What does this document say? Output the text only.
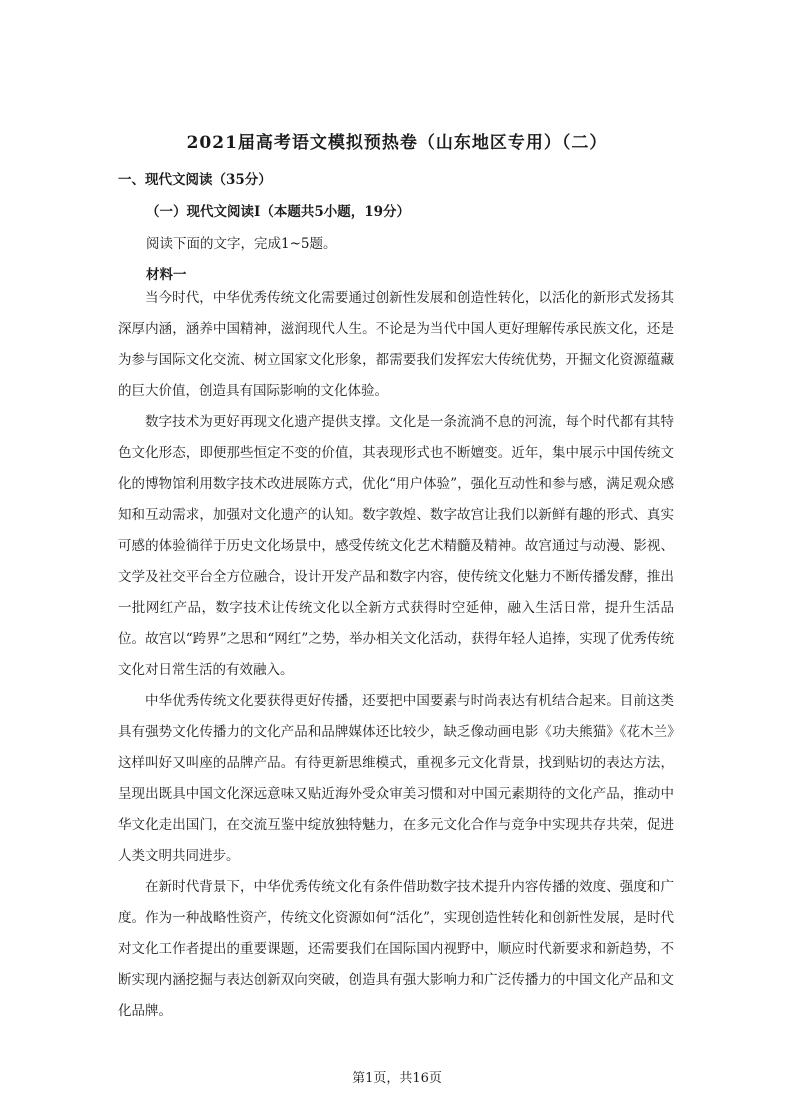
2021届高考语文模拟预热卷（山东地区专用）（二）
一、现代文阅读（35分）
（一）现代文阅读Ⅰ（本题共5小题，19分）
阅读下面的文字，完成1~5题。
材料一

当今时代，中华优秀传统文化需要通过创新性发展和创造性转化，以活化的新形式发扬其深厚内涵，涵养中国精神，滋润现代人生。不论是为当代中国人更好理解传承民族文化，还是为参与国际文化交流、树立国家文化形象，都需要我们发挥宏大传统优势，开掘文化资源蕴藏的巨大价值，创造具有国际影响的文化体验。

数字技术为更好再现文化遗产提供支撑。文化是一条流淌不息的河流，每个时代都有其特色文化形态，即便那些恒定不变的价值，其表现形式也不断嬗变。近年，集中展示中国传统文化的博物馆利用数字技术改进展陈方式，优化“用户体验”，强化互动性和参与感，满足观众感知和互动需求，加强对文化遗产的认知。数字敦煌、数字故宫让我们以新鲜有趣的形式、真实可感的体验徜徉于历史文化场景中，感受传统文化艺术精髓及精神。故宫通过与动漫、影视、文学及社交平台全方位融合，设计开发产品和数字内容，使传统文化魅力不断传播发酵，推出一批网红产品，数字技术让传统文化以全新方式获得时空延伸，融入生活日常，提升生活品位。故宫以“跨界”之思和“网红”之势，举办相关文化活动，获得年轻人追捧，实现了优秀传统文化对日常生活的有效融入。

中华优秀传统文化要获得更好传播，还要把中国要素与时尚表达有机结合起来。目前这类具有强势文化传播力的文化产品和品牌媒体还比较少，缺乏像动画电影《功夫熊猫》《花木兰》这样叫好又叫座的品牌产品。有待更新思维模式，重视多元文化背景，找到贴切的表达方法，呈现出既具中国文化深远意味又贴近海外受众审美习惯和对中国元素期待的文化产品，推动中华文化走出国门，在交流互鉴中绽放独特魅力，在多元文化合作与竞争中实现共存共荣，促进人类文明共同进步。

在新时代背景下，中华优秀传统文化有条件借助数字技术提升内容传播的效度、强度和广度。作为一种战略性资产，传统文化资源如何“活化”，实现创造性转化和创新性发展，是时代对文化工作者提出的重要课题，还需要我们在国际国内视野中，顺应时代新要求和新趋势，不断实现内涵挖掘与表达创新双向突破，创造具有强大影响力和广泛传播力的中国文化产品和文化品牌。

第1页，共16页
